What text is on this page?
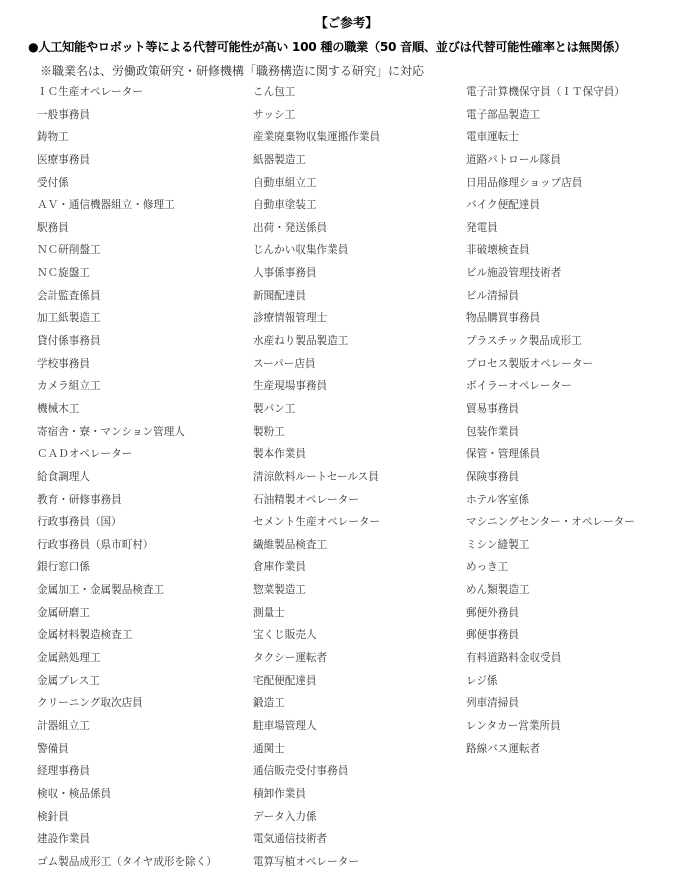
【ご参考】
●人工知能やロボット等による代替可能性が高い 100 種の職業（50 音順、並びは代替可能性確率とは無関係）
※職業名は、労働政策研究・研修機構「職務構造に関する研究」に対応
ＩＣ生産オペレーター
一般事務員
鋳物工
医療事務員
受付係
ＡＶ・通信機器組立・修理工
駅務員
ＮＣ研削盤工
ＮＣ旋盤工
会計監査係員
加工紙製造工
貸付係事務員
学校事務員
カメラ組立工
機械木工
寄宿舎・寮・マンション管理人
ＣＡＤオペレーター
給食調理人
教育・研修事務員
行政事務員（国）
行政事務員（県市町村）
銀行窓口係
金属加工・金属製品検査工
金属研磨工
金属材料製造検査工
金属熱処理工
金属プレス工
クリーニング取次店員
計器組立工
警備員
経理事務員
検収・検品係員
検針員
建設作業員
ゴム製品成形工（タイヤ成形を除く）
こん包工
サッシ工
産業廃棄物収集運搬作業員
紙器製造工
自動車組立工
自動車塗装工
出荷・発送係員
じんかい収集作業員
人事係事務員
新聞配達員
診療情報管理士
水産ねり製品製造工
スーパー店員
生産現場事務員
製パン工
製粉工
製本作業員
清涼飲料ルートセールス員
石油精製オペレーター
セメント生産オペレーター
繊維製品検査工
倉庫作業員
惣菜製造工
測量士
宝くじ販売人
タクシー運転者
宅配便配達員
鍛造工
駐車場管理人
通関士
通信販売受付事務員
積卸作業員
データ入力係
電気通信技術者
電算写植オペレーター
電子計算機保守員（ＩＴ保守員）
電子部品製造工
電車運転士
道路パトロール隊員
日用品修理ショップ店員
バイク便配達員
発電員
非破壊検査員
ビル施設管理技術者
ビル清掃員
物品購買事務員
プラスチック製品成形工
プロセス製版オペレーター
ボイラーオペレーター
貿易事務員
包装作業員
保管・管理係員
保険事務員
ホテル客室係
マシニングセンター・オペレーター
ミシン縫製工
めっき工
めん類製造工
郵便外務員
郵便事務員
有料道路料金収受員
レジ係
列車清掃員
レンタカー営業所員
路線バス運転者
